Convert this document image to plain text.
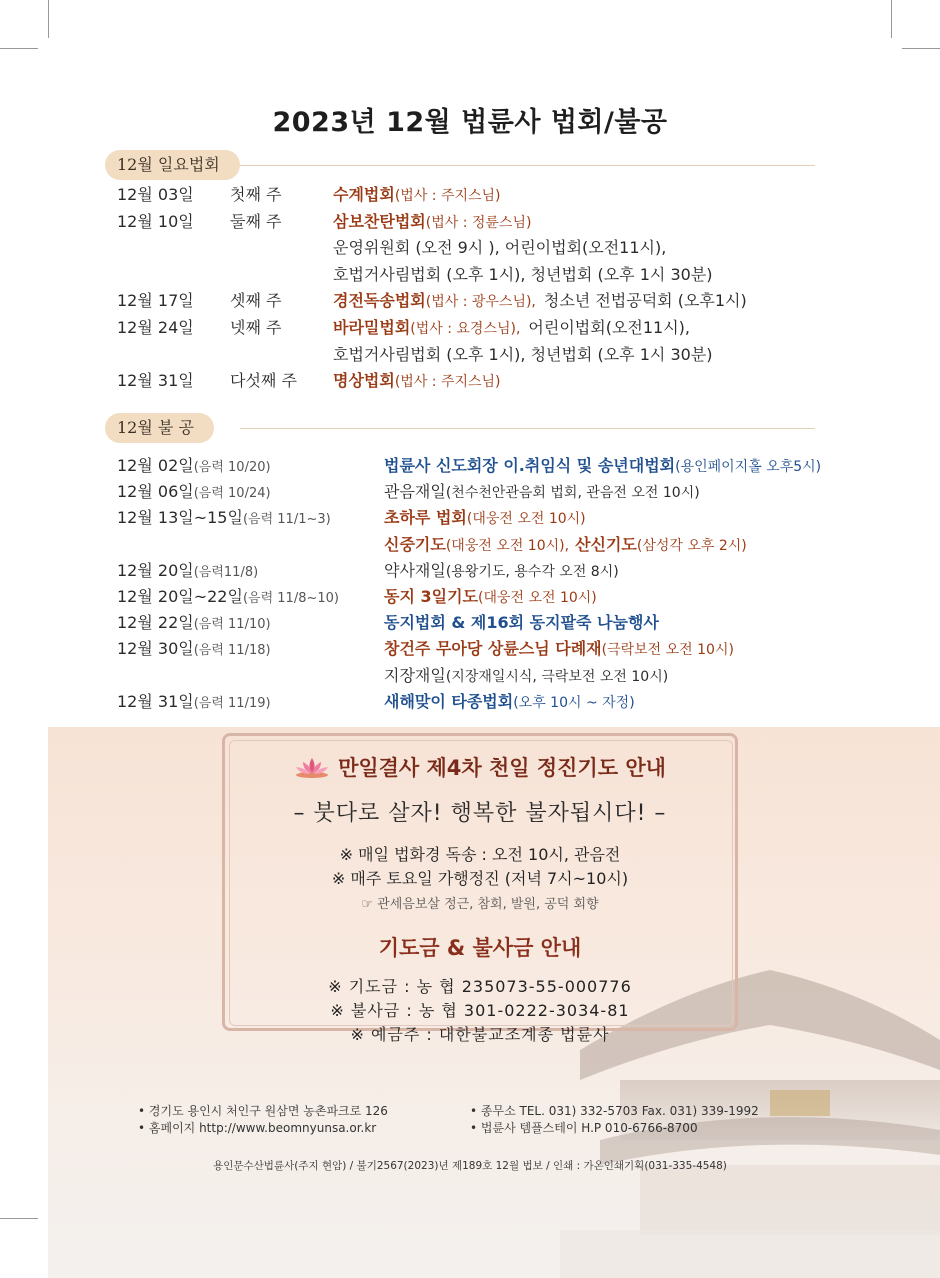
2023년 12월 법륜사 법회/불공
12월 일요법회
12월 03일 첫째 주	수계법회(법사 : 주지스님)
12월 10일 둘째 주	삼보찬탄법회(법사 : 정륜스님)
운영위원회 (오전 9시 ), 어린이법회(오전11시),
호법거사림법회 (오후 1시), 청년법회 (오후 1시 30분)
12월 17일 셋째 주	경전독송법회(법사 : 광우스님), 청소년 전법공덕회 (오후1시)
12월 24일 넷째 주	바라밀법회(법사 : 요경스님), 어린이법회(오전11시),
호법거사림법회 (오후 1시), 청년법회 (오후 1시 30분)
12월 31일 다섯째 주 명상법회(법사 : 주지스님)
12월 불 공
12월 02일(음력 10/20)	법륜사 신도회장 이.취임식 및 송년대법회(용인페이지홀 오후5시)
12월 06일(음력 10/24)	관음재일(천수천안관음회 법회, 관음전 오전 10시)
12월 13일~15일(음력 11/1~3)	초하루 법회(대웅전 오전 10시)
신중기도(대웅전 오전 10시), 산신기도(삼성각 오후 2시)
12월 20일(음력11/8)	약사재일(용왕기도, 용수각 오전 8시)
12월 20일~22일(음력 11/8~10)	동지 3일기도(대웅전 오전 10시)
12월 22일(음력 11/10)	동지법회 & 제16회 동지팥죽 나눔행사
12월 30일(음력 11/18)	창건주 무아당 상륜스님 다례재(극락보전 오전 10시)
지장재일(지장재일시식, 극락보전 오전 10시)
12월 31일(음력 11/19)	새해맞이 타종법회(오후 10시 ~ 자정)
만일결사 제4차 천일 정진기도 안내
– 붓다로 살자! 행복한 불자됩시다! –
※ 매일 법화경 독송 : 오전 10시, 관음전
※ 매주 토요일 가행정진 (저녁 7시~10시)
☞ 관세음보살 정근, 참회, 발원, 공덕 회향
기도금 & 불사금 안내
※ 기도금 : 농 협 235073-55-000776
※ 불사금 : 농 협 301-0222-3034-81
※ 예금주 : 대한불교조계종 법륜사
• 경기도 용인시 처인구 원삼면 농촌파크로 126
• 홈페이지 http://www.beomnyunsa.or.kr
• 종무소 TEL. 031) 332-5703 Fax. 031) 339-1992
• 법륜사 템플스테이 H.P 010-6766-8700
용인문수산법륜사(주지 현암) / 불기2567(2023)년 제189호 12월 법보 / 인쇄 : 가온인쇄기획(031-335-4548)
